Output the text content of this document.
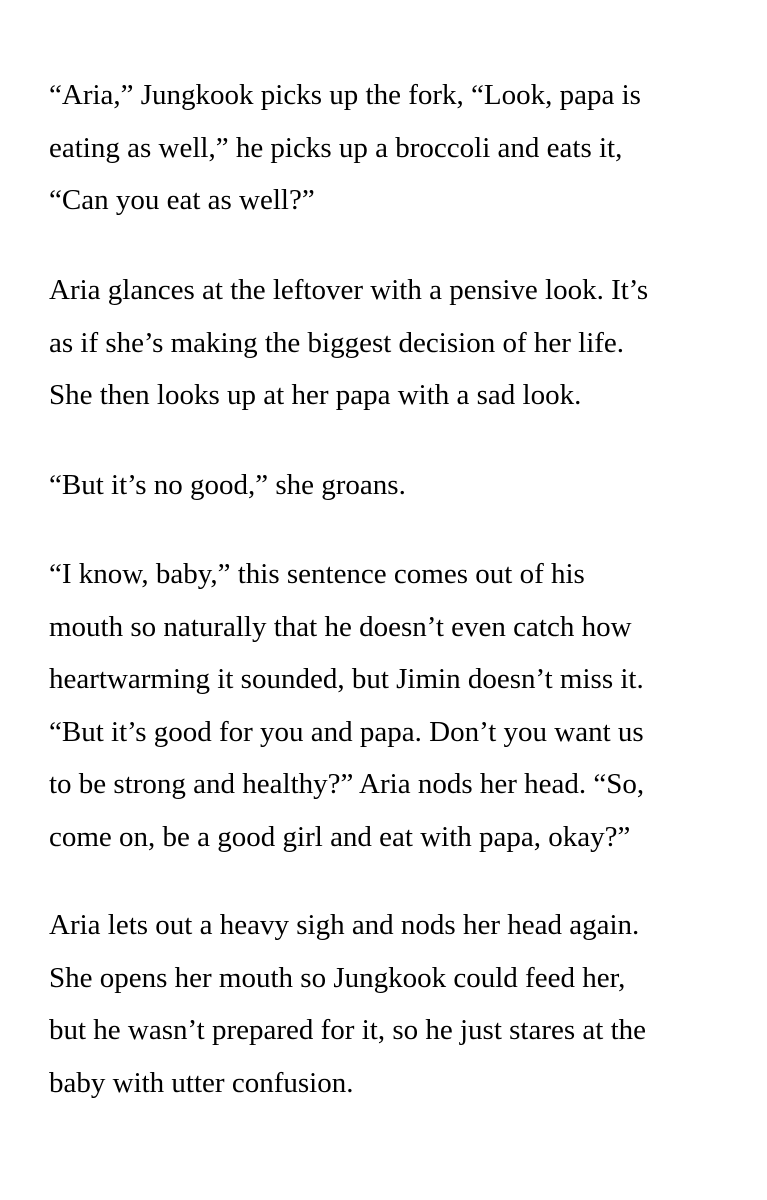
“Aria,” Jungkook picks up the fork, “Look, papa is
eating as well,” he picks up a broccoli and eats it,
“Can you eat as well?”

Aria glances at the leftover with a pensive look. It’s
as if she’s making the biggest decision of her life.
She then looks up at her papa with a sad look.

“But it’s no good,” she groans.

“I know, baby,” this sentence comes out of his
mouth so naturally that he doesn’t even catch how
heartwarming it sounded, but Jimin doesn’t miss it.
“But it’s good for you and papa. Don’t you want us
to be strong and healthy?” Aria nods her head. “So,
come on, be a good girl and eat with papa, okay?”

Aria lets out a heavy sigh and nods her head again.
She opens her mouth so Jungkook could feed her,
but he wasn’t prepared for it, so he just stares at the
baby with utter confusion.
